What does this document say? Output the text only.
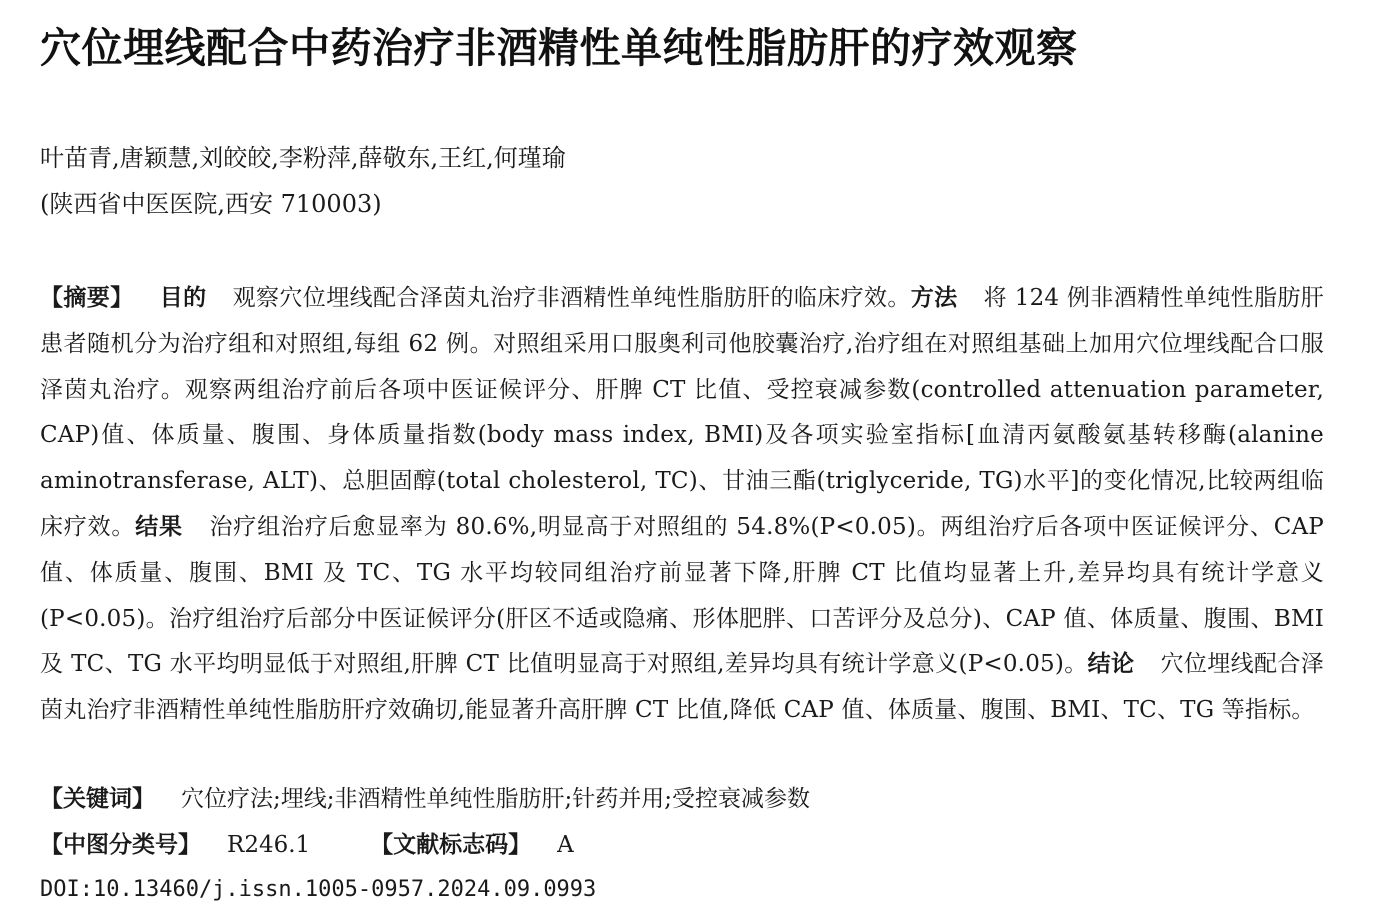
穴位埋线配合中药治疗非酒精性单纯性脂肪肝的疗效观察
叶苗青,唐颖慧,刘皎皎,李粉萍,薛敬东,王红,何瑾瑜
(陕西省中医医院,西安 710003)
【摘要】 目的 观察穴位埋线配合泽茵丸治疗非酒精性单纯性脂肪肝的临床疗效。方法 将 124 例非酒精性单纯性脂肪肝患者随机分为治疗组和对照组,每组 62 例。对照组采用口服奥利司他胶囊治疗,治疗组在对照组基础上加用穴位埋线配合口服泽茵丸治疗。观察两组治疗前后各项中医证候评分、肝脾 CT 比值、受控衰减参数(controlled attenuation parameter, CAP)值、体质量、腹围、身体质量指数(body mass index, BMI)及各项实验室指标[血清丙氨酸氨基转移酶(alanine aminotransferase, ALT)、总胆固醇(total cholesterol, TC)、甘油三酯(triglyceride, TG)水平]的变化情况,比较两组临床疗效。结果 治疗组治疗后愈显率为 80.6%,明显高于对照组的 54.8%(P<0.05)。两组治疗后各项中医证候评分、CAP 值、体质量、腹围、BMI 及 TC、TG 水平均较同组治疗前显著下降,肝脾 CT 比值均显著上升,差异均具有统计学意义(P<0.05)。治疗组治疗后部分中医证候评分(肝区不适或隐痛、形体肥胖、口苦评分及总分)、CAP 值、体质量、腹围、BMI 及 TC、TG 水平均明显低于对照组,肝脾 CT 比值明显高于对照组,差异均具有统计学意义(P<0.05)。结论 穴位埋线配合泽茵丸治疗非酒精性单纯性脂肪肝疗效确切,能显著升高肝脾 CT 比值,降低 CAP 值、体质量、腹围、BMI、TC、TG 等指标。
【关键词】 穴位疗法;埋线;非酒精性单纯性脂肪肝;针药并用;受控衰减参数
【中图分类号】 R246.1	【文献标志码】 A
DOI:10.13460/j.issn.1005-0957.2024.09.0993
